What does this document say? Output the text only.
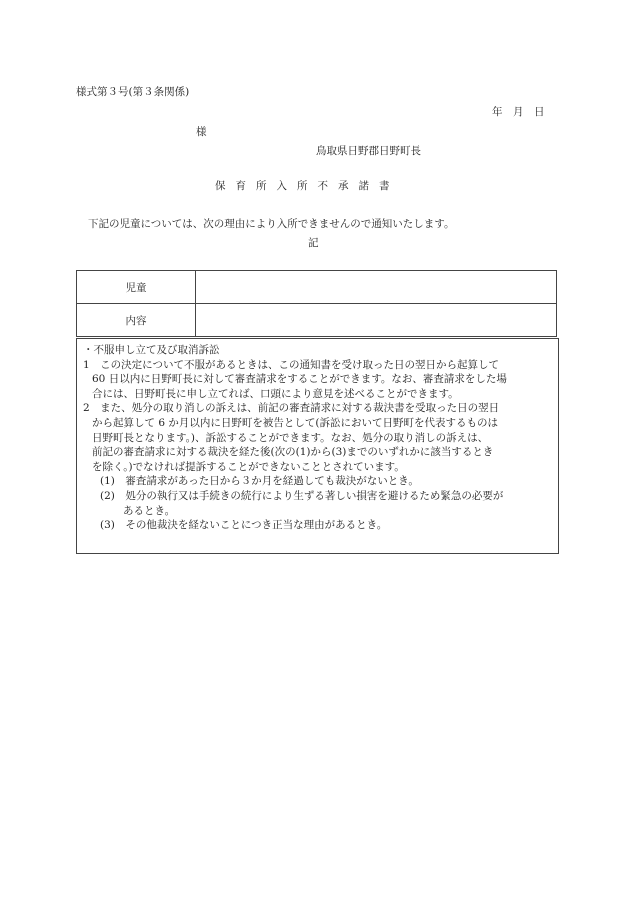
様式第３号(第３条関係)
年　月　日
様
鳥取県日野郡日野町長
保育所入所不承諾書
下記の児童については、次の理由により入所できませんので通知いたします。
記
児童	
内容	
・不服申し立て及び取消訴訟
1　この決定について不服があるときは、この通知書を受け取った日の翌日から起算して
60 日以内に日野町長に対して審査請求をすることができます。なお、審査請求をした場
合には、日野町長に申し立てれば、口頭により意見を述べることができます。
2　また、処分の取り消しの訴えは、前記の審査請求に対する裁決書を受取った日の翌日
から起算して 6 か月以内に日野町を被告として(訴訟において日野町を代表するものは
日野町長となります。)、訴訟することができます。なお、処分の取り消しの訴えは、
前記の審査請求に対する裁決を経た後(次の(1)から(3)までのいずれかに該当するとき
を除く。)でなければ提訴することができないこととされています。
(1)　審査請求があった日から３か月を経過しても裁決がないとき。
(2)　処分の執行又は手続きの続行により生ずる著しい損害を避けるため緊急の必要が
あるとき。
(3)　その他裁決を経ないことにつき正当な理由があるとき。
